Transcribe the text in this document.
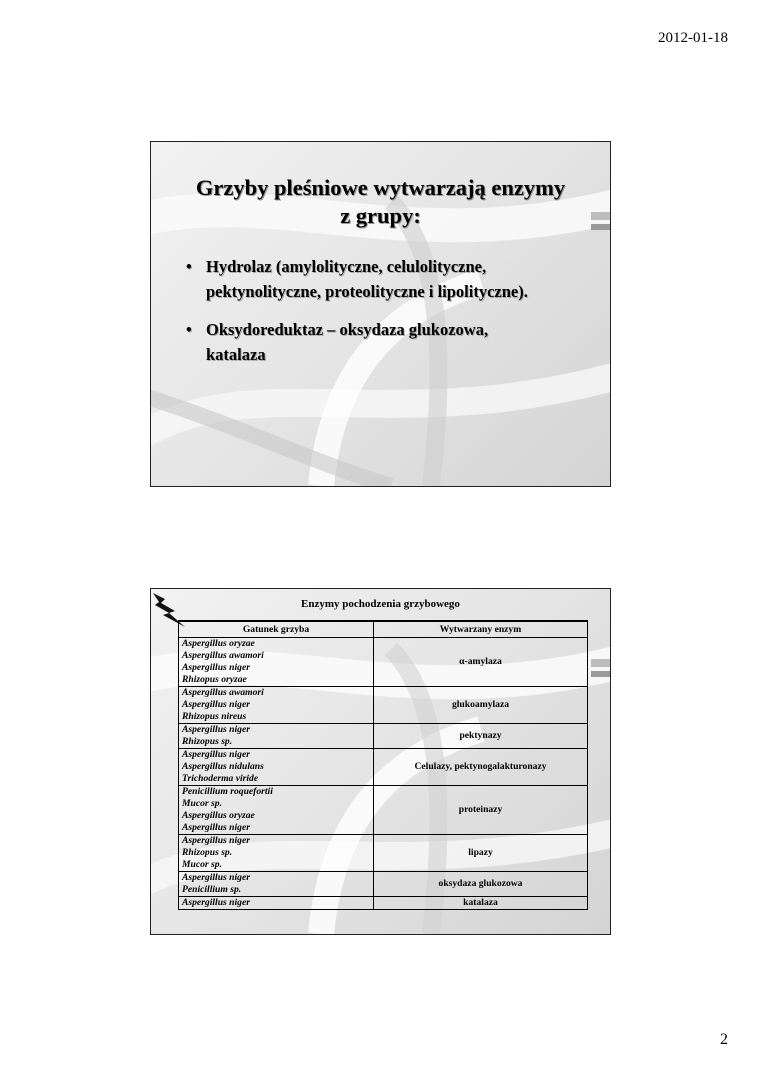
2012-01-18
Grzyby pleśniowe wytwarzają enzymy
z grupy:
• Hydrolaz (amylolityczne, celulolityczne,
pektynolityczne, proteolityczne i lipolityczne).
• Oksydoreduktaz – oksydaza glukozowa,
katalaza
Enzymy pochodzenia grzybowego
Gatunek grzyba	Wytwarzany enzym

Aspergillus oryzae
Aspergillus awamori
Aspergillus niger
Rhizopus oryzae	α-amylaza

Aspergillus awamori
Aspergillus niger
Rhizopus nireus	glukoamylaza

Aspergillus niger
Rhizopus sp.	pektynazy

Aspergillus niger
Aspergillus nidulans
Trichoderma viride	Celulazy, pektynogalakturonazy

Penicillium roquefortii
Mucor sp.
Aspergillus oryzae
Aspergillus niger	proteinazy

Aspergillus niger
Rhizopus sp.
Mucor sp.	lipazy

Aspergillus niger
Penicillium sp.	oksydaza glukozowa

Aspergillus niger	katalaza
2
